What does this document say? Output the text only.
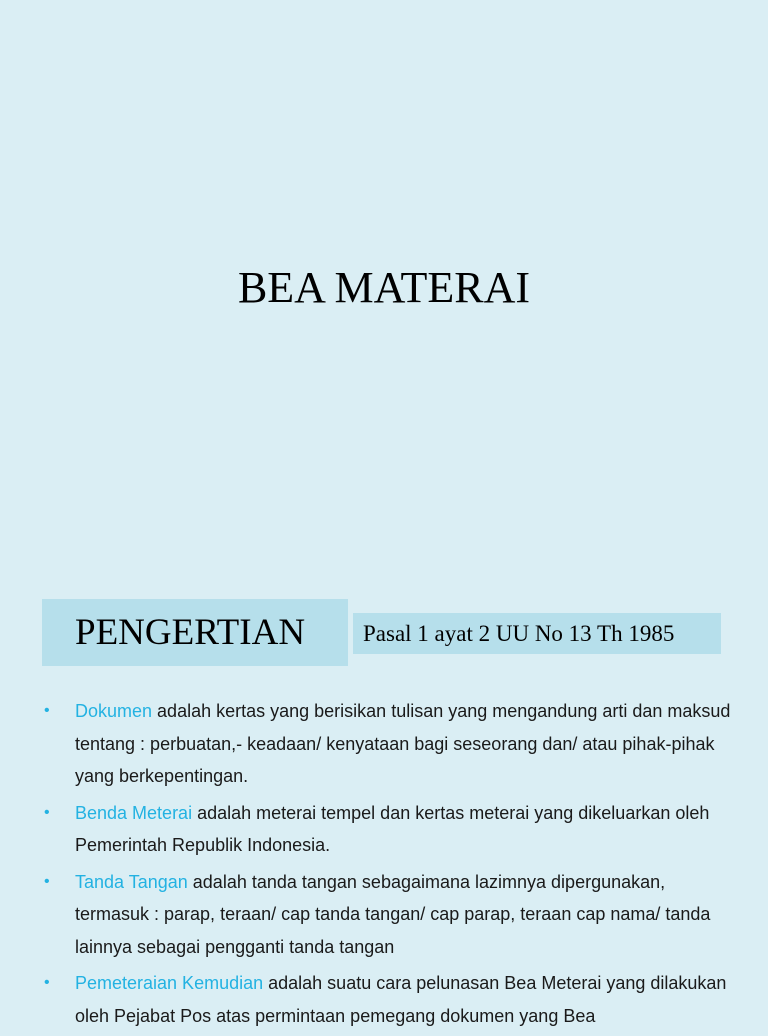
BEA MATERAI
PENGERTIAN	Pasal 1 ayat 2 UU No 13 Th 1985
• Dokumen adalah kertas yang berisikan tulisan yang mengandung arti dan maksud tentang : perbuatan,- keadaan/ kenyataan bagi seseorang dan/ atau pihak-pihak yang berkepentingan.
• Benda Meterai adalah meterai tempel dan kertas meterai yang dikeluarkan oleh Pemerintah Republik Indonesia.
• Tanda Tangan adalah tanda tangan sebagaimana lazimnya dipergunakan, termasuk : parap, teraan/ cap tanda tangan/ cap parap, teraan cap nama/ tanda lainnya sebagai pengganti tanda tangan
• Pemeteraian Kemudian adalah suatu cara pelunasan Bea Meterai yang dilakukan oleh Pejabat Pos atas permintaan pemegang dokumen yang Bea
